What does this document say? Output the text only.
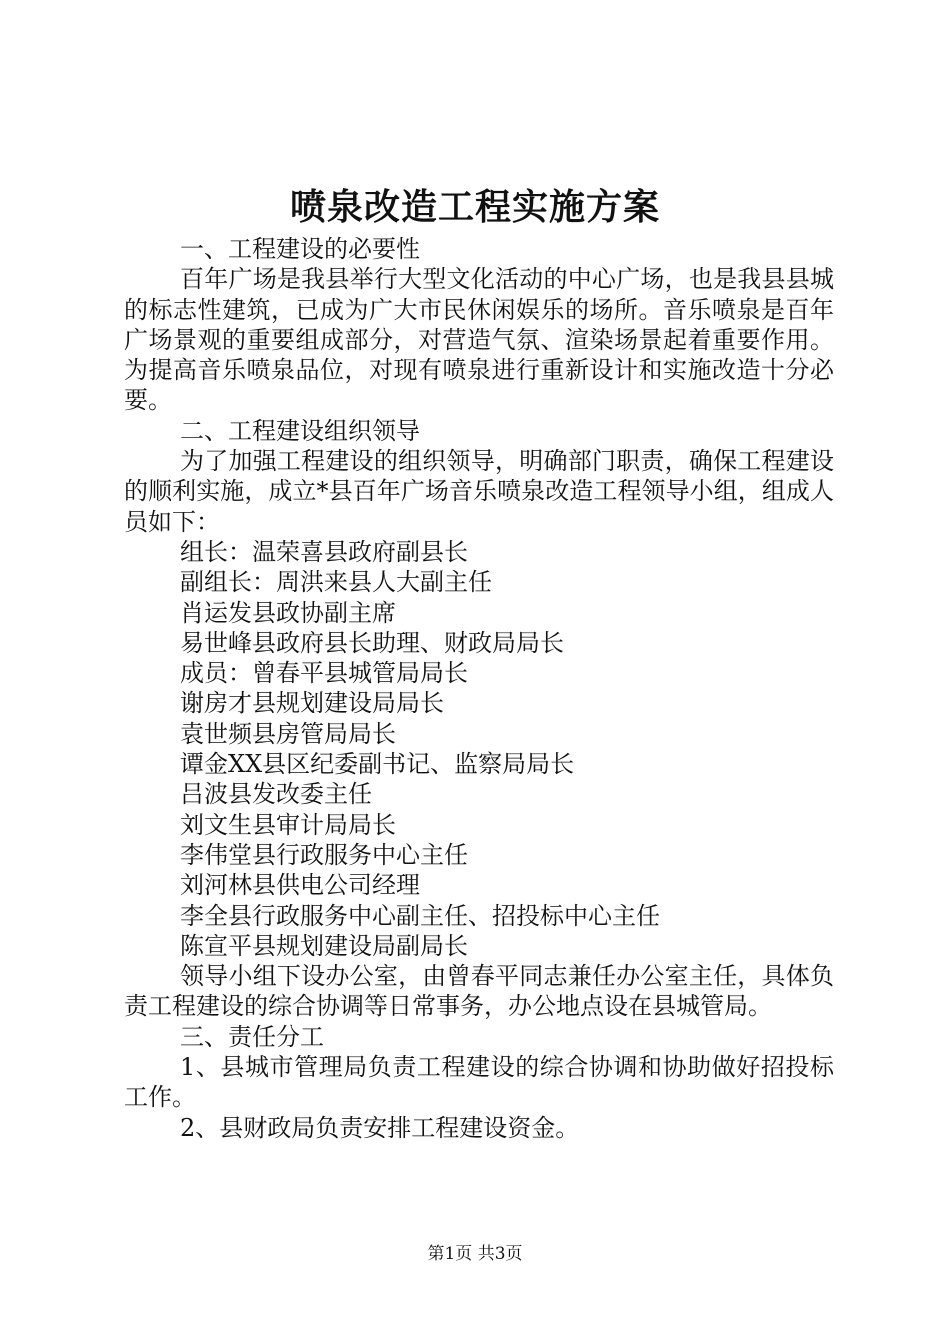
喷泉改造工程实施方案

一、工程建设的必要性

百年广场是我县举行大型文化活动的中心广场，也是我县县城的标志性建筑，已成为广大市民休闲娱乐的场所。音乐喷泉是百年广场景观的重要组成部分，对营造气氛、渲染场景起着重要作用。为提高音乐喷泉品位，对现有喷泉进行重新设计和实施改造十分必要。

二、工程建设组织领导

为了加强工程建设的组织领导，明确部门职责，确保工程建设的顺利实施，成立*县百年广场音乐喷泉改造工程领导小组，组成人员如下：

组长：温荣喜县政府副县长

副组长：周洪来县人大副主任

肖运发县政协副主席

易世峰县政府县长助理、财政局局长

成员：曾春平县城管局局长

谢房才县规划建设局局长

袁世频县房管局局长

谭金XX县区纪委副书记、监察局局长

吕波县发改委主任

刘文生县审计局局长

李伟堂县行政服务中心主任

刘河林县供电公司经理

李全县行政服务中心副主任、招投标中心主任

陈宣平县规划建设局副局长

领导小组下设办公室，由曾春平同志兼任办公室主任，具体负责工程建设的综合协调等日常事务，办公地点设在县城管局。

三、责任分工

1、县城市管理局负责工程建设的综合协调和协助做好招投标工作。

2、县财政局负责安排工程建设资金。

第1页 共3页
